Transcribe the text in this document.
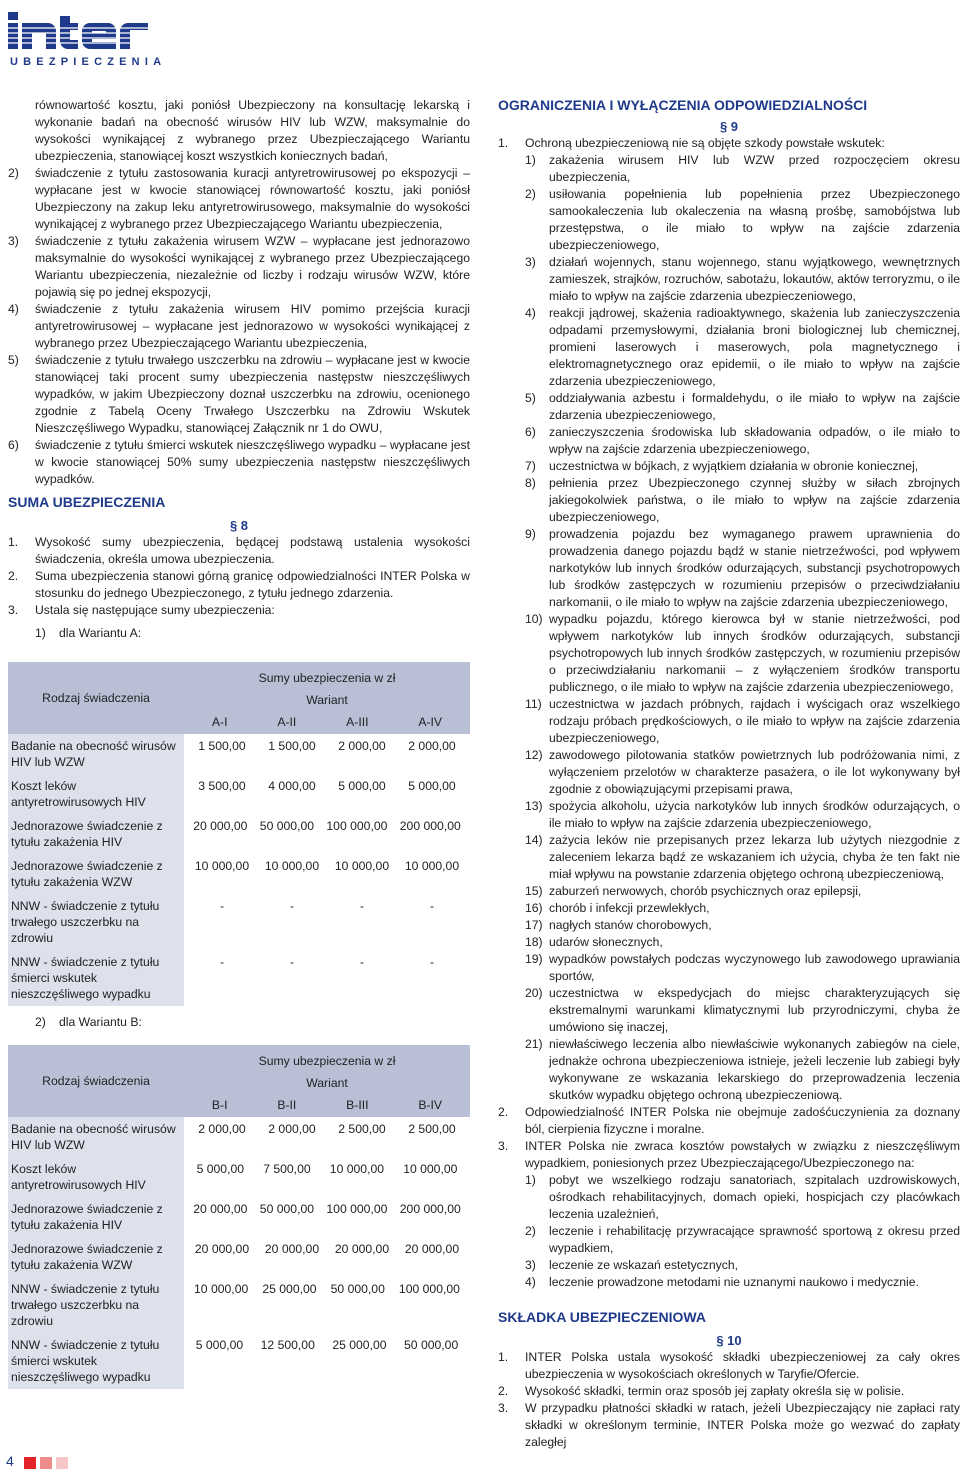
UBEZPIECZENIA

równowartość kosztu, jaki poniósł Ubezpieczony na konsultację lekarską i wykonanie badań na obecność wirusów HIV lub WZW, maksymalnie do wysokości wynikającej z wybranego przez Ubezpieczającego Wariantu ubezpieczenia, stanowiącej koszt wszystkich koniecznych badań,

2) świadczenie z tytułu zastosowania kuracji antyretrowirusowej po ekspozycji – wypłacane jest w kwocie stanowiącej równowartość kosztu, jaki poniósł Ubezpieczony na zakup leku antyretrowirusowego, maksymalnie do wysokości wynikającej z wybranego przez Ubezpieczającego Wariantu ubezpieczenia,

3) świadczenie z tytułu zakażenia wirusem WZW – wypłacane jest jednorazowo maksymalnie do wysokości wynikającej z wybranego przez Ubezpieczającego Wariantu ubezpieczenia, niezależnie od liczby i rodzaju wirusów WZW, które pojawią się po jednej ekspozycji,

4) świadczenie z tytułu zakażenia wirusem HIV pomimo przejścia kuracji antyretrowirusowej – wypłacane jest jednorazowo w wysokości wynikającej z wybranego przez Ubezpieczającego Wariantu ubezpieczenia,

5) świadczenie z tytułu trwałego uszczerbku na zdrowiu – wypłacane jest w kwocie stanowiącej taki procent sumy ubezpieczenia następstw nieszczęśliwych wypadków, w jakim Ubezpieczony doznał uszczerbku na zdrowiu, ocenionego zgodnie z Tabelą Oceny Trwałego Uszczerbku na Zdrowiu Wskutek Nieszczęśliwego Wypadku, stanowiącej Załącznik nr 1 do OWU,

6) świadczenie z tytułu śmierci wskutek nieszczęśliwego wypadku – wypłacane jest w kwocie stanowiącej 50% sumy ubezpieczenia następstw nieszczęśliwych wypadków.

SUMA UBEZPIECZENIA

§ 8

1. Wysokość sumy ubezpieczenia, będącej podstawą ustalenia wysokości świadczenia, określa umowa ubezpieczenia.

2. Suma ubezpieczenia stanowi górną granicę odpowiedzialności INTER Polska w stosunku do jednego Ubezpieczonego, z tytułu jednego zdarzenia.

3. Ustala się następujące sumy ubezpieczenia:

1) dla Wariantu A:

Rodzaj świadczenia	Sumy ubezpieczenia w zł
	Wariant

	A-I A-II A-III A-IV

Badanie na obecność wirusów HIV lub WZW	1 500,00 1 500,00 2 000,00 2 000,00

Koszt leków antyretrowirusowych HIV	3 500,00 4 000,00 5 000,00 5 000,00

Jednorazowe świadczenie z tytułu zakażenia HIV	20 000,00 50 000,00 100 000,00 200 000,00

Jednorazowe świadczenie z tytułu zakażenia WZW	10 000,00 10 000,00 10 000,00 10 000,00

NNW - świadczenie z tytułu trwałego uszczerbku na zdrowiu	- - - -

NNW - świadczenie z tytułu śmierci wskutek nieszczęśliwego wypadku	- - - -

2) dla Wariantu B:

Rodzaj świadczenia	Sumy ubezpieczenia w zł
	Wariant

	B-I B-II B-III B-IV

Badanie na obecność wirusów HIV lub WZW	2 000,00 2 000,00 2 500,00 2 500,00

Koszt leków antyretrowirusowych HIV	5 000,00 7 500,00 10 000,00 10 000,00

Jednorazowe świadczenie z tytułu zakażenia HIV	20 000,00 50 000,00 100 000,00 200 000,00

Jednorazowe świadczenie z tytułu zakażenia WZW	20 000,00 20 000,00 20 000,00 20 000,00

NNW - świadczenie z tytułu trwałego uszczerbku na zdrowiu	10 000,00 25 000,00 50 000,00 100 000,00

NNW - świadczenie z tytułu śmierci wskutek nieszczęśliwego wypadku	5 000,00 12 500,00 25 000,00 50 000,00

OGRANICZENIA I WYŁĄCZENIA ODPOWIEDZIALNOŚCI

§ 9

1. Ochroną ubezpieczeniową nie są objęte szkody powstałe wskutek:

1) zakażenia wirusem HIV lub WZW przed rozpoczęciem okresu ubezpieczenia,

2) usiłowania popełnienia lub popełnienia przez Ubezpieczonego samookaleczenia lub okaleczenia na własną prośbę, samobójstwa lub przestępstwa, o ile miało to wpływ na zajście zdarzenia ubezpieczeniowego,

3) działań wojennych, stanu wojennego, stanu wyjątkowego, wewnętrznych zamieszek, strajków, rozruchów, sabotażu, lokautów, aktów terroryzmu, o ile miało to wpływ na zajście zdarzenia ubezpieczeniowego,

4) reakcji jądrowej, skażenia radioaktywnego, skażenia lub zanieczyszczenia odpadami przemysłowymi, działania broni biologicznej lub chemicznej, promieni laserowych i maserowych, pola magnetycznego i elektromagnetycznego oraz epidemii, o ile miało to wpływ na zajście zdarzenia ubezpieczeniowego,

5) oddziaływania azbestu i formaldehydu, o ile miało to wpływ na zajście zdarzenia ubezpieczeniowego,

6) zanieczyszczenia środowiska lub składowania odpadów, o ile miało to wpływ na zajście zdarzenia ubezpieczeniowego,

7) uczestnictwa w bójkach, z wyjątkiem działania w obronie koniecznej,

8) pełnienia przez Ubezpieczonego czynnej służby w siłach zbrojnych jakiegokolwiek państwa, o ile miało to wpływ na zajście zdarzenia ubezpieczeniowego,

9) prowadzenia pojazdu bez wymaganego prawem uprawnienia do prowadzenia danego pojazdu bądź w stanie nietrzeźwości, pod wpływem narkotyków lub innych środków odurzających, substancji psychotropowych lub środków zastępczych w rozumieniu przepisów o przeciwdziałaniu narkomanii, o ile miało to wpływ na zajście zdarzenia ubezpieczeniowego,

10) wypadku pojazdu, którego kierowca był w stanie nietrzeźwości, pod wpływem narkotyków lub innych środków odurzających, substancji psychotropowych lub innych środków zastępczych, w rozumieniu przepisów o przeciwdziałaniu narkomanii – z wyłączeniem środków transportu publicznego, o ile miało to wpływ na zajście zdarzenia ubezpieczeniowego,

11) uczestnictwa w jazdach próbnych, rajdach i wyścigach oraz wszelkiego rodzaju próbach prędkościowych, o ile miało to wpływ na zajście zdarzenia ubezpieczeniowego,

12) zawodowego pilotowania statków powietrznych lub podróżowania nimi, z wyłączeniem przelotów w charakterze pasażera, o ile lot wykonywany był zgodnie z obowiązującymi przepisami prawa,

13) spożycia alkoholu, użycia narkotyków lub innych środków odurzających, o ile miało to wpływ na zajście zdarzenia ubezpieczeniowego,

14) zażycia leków nie przepisanych przez lekarza lub użytych niezgodnie z zaleceniem lekarza bądź ze wskazaniem ich użycia, chyba że ten fakt nie miał wpływu na powstanie zdarzenia objętego ochroną ubezpieczeniową,

15) zaburzeń nerwowych, chorób psychicznych oraz epilepsji,

16) chorób i infekcji przewlekłych,

17) nagłych stanów chorobowych,

18) udarów słonecznych,

19) wypadków powstałych podczas wyczynowego lub zawodowego uprawiania sportów,

20) uczestnictwa w ekspedycjach do miejsc charakteryzujących się ekstremalnymi warunkami klimatycznymi lub przyrodniczymi, chyba że umówiono się inaczej,

21) niewłaściwego leczenia albo niewłaściwie wykonanych zabiegów na ciele, jednakże ochrona ubezpieczeniowa istnieje, jeżeli leczenie lub zabiegi były wykonywane ze wskazania lekarskiego do przeprowadzenia leczenia skutków wypadku objętego ochroną ubezpieczeniową.

2. Odpowiedzialność INTER Polska nie obejmuje zadośćuczynienia za doznany ból, cierpienia fizyczne i moralne.

3. INTER Polska nie zwraca kosztów powstałych w związku z nieszczęśliwym wypadkiem, poniesionych przez Ubezpieczającego/Ubezpieczonego na:

1) pobyt we wszelkiego rodzaju sanatoriach, szpitalach uzdrowiskowych, ośrodkach rehabilitacyjnych, domach opieki, hospicjach czy placówkach leczenia uzależnień,

2) leczenie i rehabilitację przywracające sprawność sportową z okresu przed wypadkiem,

3) leczenie ze wskazań estetycznych,

4) leczenie prowadzone metodami nie uznanymi naukowo i medycznie.

SKŁADKA UBEZPIECZENIOWA

§ 10

1. INTER Polska ustala wysokość składki ubezpieczeniowej za cały okres ubezpieczenia w wysokościach określonych w Taryfie/Ofercie.

2. Wysokość składki, termin oraz sposób jej zapłaty określa się w polisie.

3. W przypadku płatności składki w ratach, jeżeli Ubezpieczający nie zapłaci raty składki w określonym terminie, INTER Polska może go wezwać do zapłaty zaległej

4
